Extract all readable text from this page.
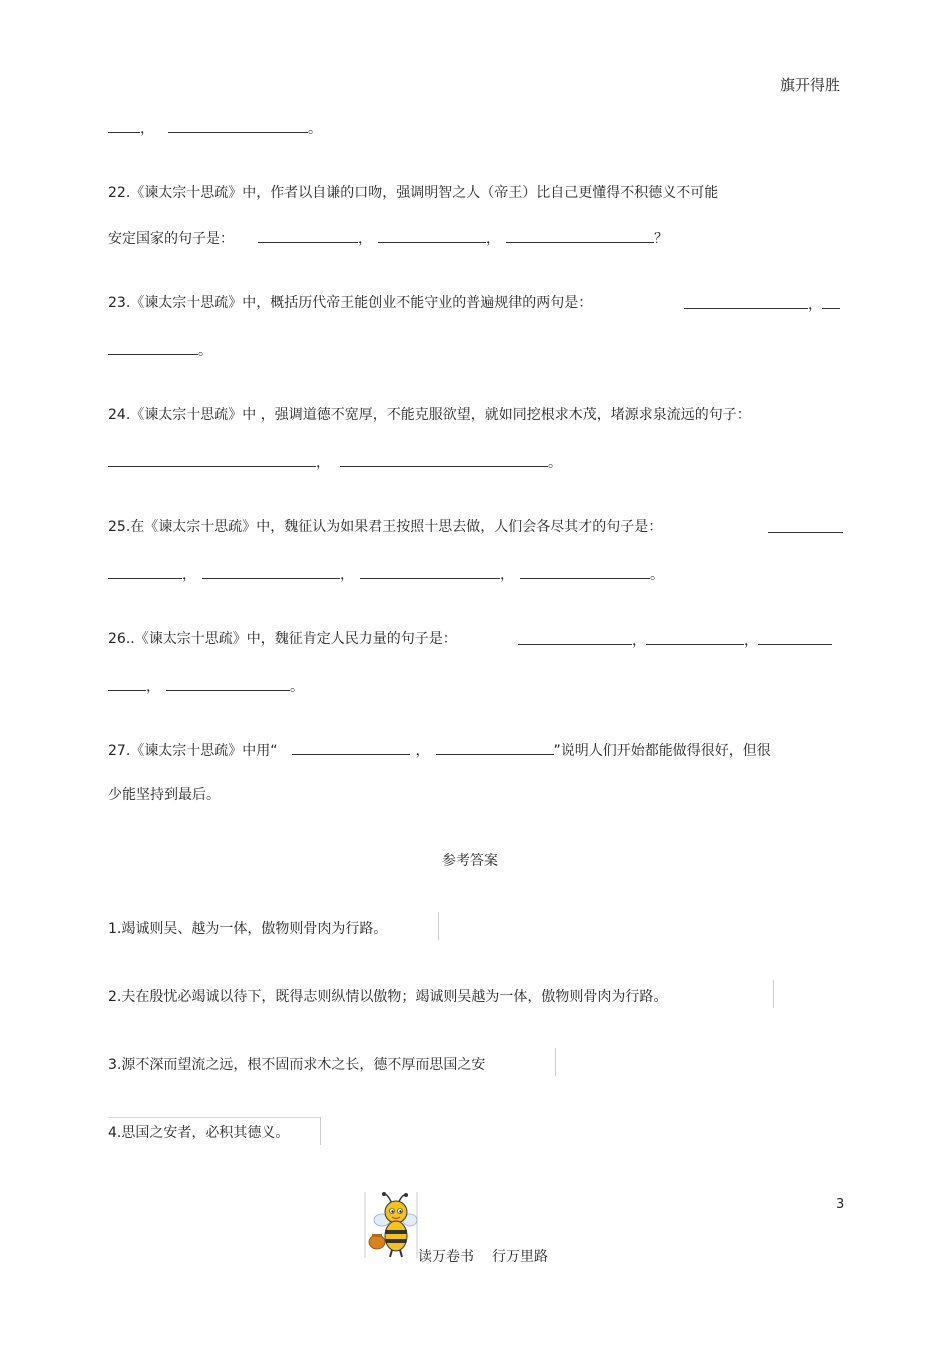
旗开得胜
，	。
22.《谏太宗十思疏》中，作者以自谦的口吻，强调明智之人（帝王）比自己更懂得不积德义不可能
安定国家的句子是：	，	，	？
23.《谏太宗十思疏》中，概括历代帝王能创业不能守业的普遍规律的两句是：	，
。
24.《谏太宗十思疏》中 ，强调道德不宽厚，不能克服欲望，就如同挖根求木茂，堵源求泉流远的句子：
，	。
25.在《谏太宗十思疏》中，魏征认为如果君王按照十思去做，人们会各尽其才的句子是：
，	，	，	。
26..《谏太宗十思疏》中，魏征肯定人民力量的句子是：	，	，
，	。
27.《谏太宗十思疏》中用“	，	”说明人们开始都能做得很好，但很
少能坚持到最后。
参考答案
1.竭诚则吴、越为一体，傲物则骨肉为行路。
2.夫在殷忧必竭诚以待下，既得志则纵情以傲物；竭诚则吴越为一体，傲物则骨肉为行路。
3.源不深而望流之远，根不固而求木之长，德不厚而思国之安
4.思国之安者，必积其德义。
3
读万卷书 行万里路
